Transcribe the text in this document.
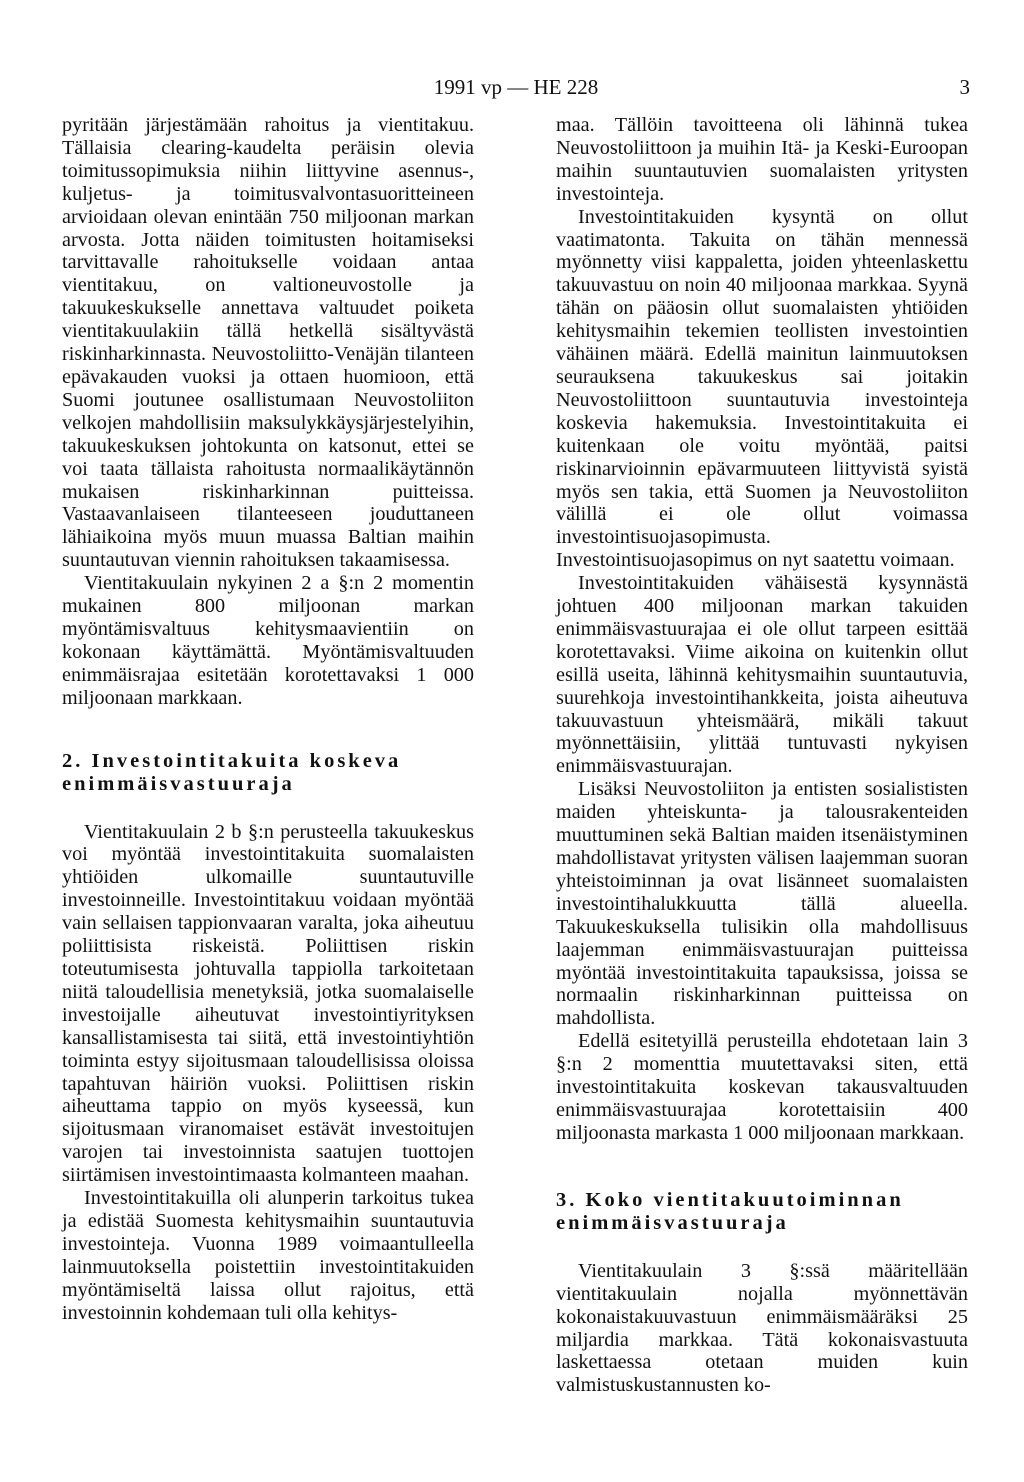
1991 vp — HE 228	3

pyritään järjestämään rahoitus ja vientitakuu. Tällaisia clearing-kaudelta peräisin olevia toimitussopimuksia niihin liittyvine asennus-, kuljetus- ja toimitusvalvontasuoritteineen arvioidaan olevan enintään 750 miljoonan markan arvosta. Jotta näiden toimitusten hoitamiseksi tarvittavalle rahoitukselle voidaan antaa vientitakuu, on valtioneuvostolle ja takuukeskukselle annettava valtuudet poiketa vientitakuulakiin tällä hetkellä sisältyvästä riskinharkinnasta. Neuvostoliitto-Venäjän tilanteen epävakauden vuoksi ja ottaen huomioon, että Suomi joutunee osallistumaan Neuvostoliiton velkojen mahdollisiin maksulykkäysjärjestelyihin, takuukeskuksen johtokunta on katsonut, ettei se voi taata tällaista rahoitusta normaalikäytännön mukaisen riskinharkinnan puitteissa. Vastaavanlaiseen tilanteeseen jouduttaneen lähiaikoina myös muun muassa Baltian maihin suuntautuvan viennin rahoituksen takaamisessa.

Vientitakuulain nykyinen 2 a §:n 2 momentin mukainen 800 miljoonan markan myöntämisvaltuus kehitysmaavientiin on kokonaan käyttämättä. Myöntämisvaltuuden enimmäisrajaa esitetään korotettavaksi 1 000 miljoonaan markkaan.

2. Investointitakuita koskeva enimmäisvastuuraja

Vientitakuulain 2 b §:n perusteella takuukeskus voi myöntää investointitakuita suomalaisten yhtiöiden ulkomaille suuntautuville investoinneille. Investointitakuu voidaan myöntää vain sellaisen tappionvaaran varalta, joka aiheutuu poliittisista riskeistä. Poliittisen riskin toteutumisesta johtuvalla tappiolla tarkoitetaan niitä taloudellisia menetyksiä, jotka suomalaiselle investoijalle aiheutuvat investointiyrityksen kansallistamisesta tai siitä, että investointiyhtiön toiminta estyy sijoitusmaan taloudellisissa oloissa tapahtuvan häiriön vuoksi. Poliittisen riskin aiheuttama tappio on myös kyseessä, kun sijoitusmaan viranomaiset estävät investoitujen varojen tai investoinnista saatujen tuottojen siirtämisen investointimaasta kolmanteen maahan.

Investointitakuilla oli alunperin tarkoitus tukea ja edistää Suomesta kehitysmaihin suuntautuvia investointeja. Vuonna 1989 voimaantulleella lainmuutoksella poistettiin investointitakuiden myöntämiseltä laissa ollut rajoitus, että investoinnin kohdemaan tuli olla kehitys-

maa. Tällöin tavoitteena oli lähinnä tukea Neuvostoliittoon ja muihin Itä- ja Keski-Euroopan maihin suuntautuvien suomalaisten yritysten investointeja.

Investointitakuiden kysyntä on ollut vaatimatonta. Takuita on tähän mennessä myönnetty viisi kappaletta, joiden yhteenlaskettu takuuvastuu on noin 40 miljoonaa markkaa. Syynä tähän on pääosin ollut suomalaisten yhtiöiden kehitysmaihin tekemien teollisten investointien vähäinen määrä. Edellä mainitun lainmuutoksen seurauksena takuukeskus sai joitakin Neuvostoliittoon suuntautuvia investointeja koskevia hakemuksia. Investointitakuita ei kuitenkaan ole voitu myöntää, paitsi riskinarvioinnin epävarmuuteen liittyvistä syistä myös sen takia, että Suomen ja Neuvostoliiton välillä ei ole ollut voimassa investointisuojasopimusta. Investointisuojasopimus on nyt saatettu voimaan.

Investointitakuiden vähäisestä kysynnästä johtuen 400 miljoonan markan takuiden enimmäisvastuurajaa ei ole ollut tarpeen esittää korotettavaksi. Viime aikoina on kuitenkin ollut esillä useita, lähinnä kehitysmaihin suuntautuvia, suurehkoja investointihankkeita, joista aiheutuva takuuvastuun yhteismäärä, mikäli takuut myönnettäisiin, ylittää tuntuvasti nykyisen enimmäisvastuurajan.

Lisäksi Neuvostoliiton ja entisten sosialististen maiden yhteiskunta- ja talousrakenteiden muuttuminen sekä Baltian maiden itsenäistyminen mahdollistavat yritysten välisen laajemman suoran yhteistoiminnan ja ovat lisänneet suomalaisten investointihalukkuutta tällä alueella. Takuukeskuksella tulisikin olla mahdollisuus laajemman enimmäisvastuurajan puitteissa myöntää investointitakuita tapauksissa, joissa se normaalin riskinharkinnan puitteissa on mahdollista.

Edellä esitetyillä perusteilla ehdotetaan lain 3 §:n 2 momenttia muutettavaksi siten, että investointitakuita koskevan takausvaltuuden enimmäisvastuurajaa korotettaisiin 400 miljoonasta markasta 1 000 miljoonaan markkaan.

3. Koko vientitakuutoiminnan enimmäisvastuuraja

Vientitakuulain 3 §:ssä määritellään vientitakuulain nojalla myönnettävän kokonaistakuuvastuun enimmäismääräksi 25 miljardia markkaa. Tätä kokonaisvastuuta laskettaessa otetaan muiden kuin valmistuskustannusten ko-
